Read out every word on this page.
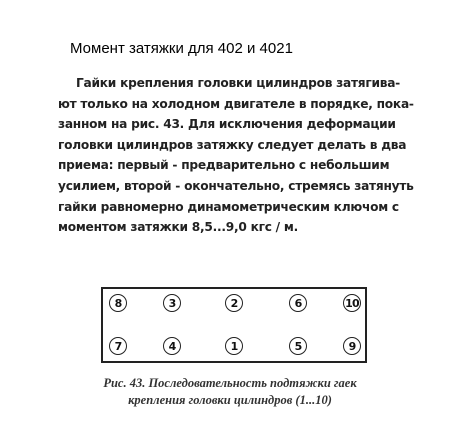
Момент затяжки для 402 и 4021
Гайки крепления головки цилиндров затягива-
ют только на холодном двигателе в порядке, пока-
занном на рис. 43. Для исключения деформации
головки цилиндров затяжку следует делать в два
приема: первый - предварительно с небольшим
усилием, второй - окончательно, стремясь затянуть
гайки равномерно динамометрическим ключом с
моментом затяжки 8,5...9,0 кгс / м.
8	3	2	6	10
7	4	1	5	9
Рис. 43. Последовательность подтяжки гаек
крепления головки цилиндров (1...10)
